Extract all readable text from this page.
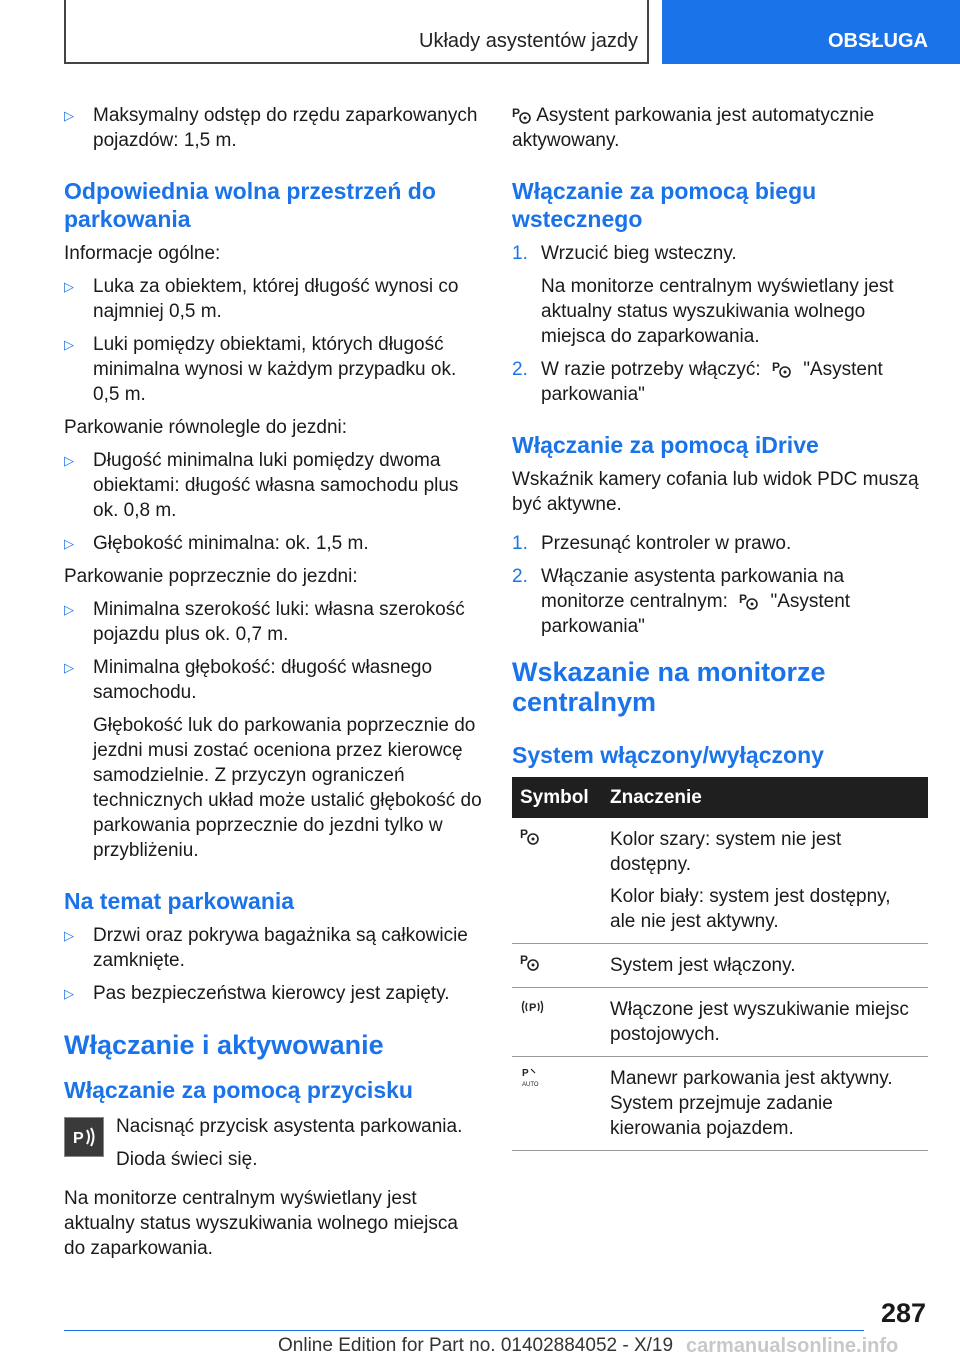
Układy asystentów jazdy	OBSŁUGA
▷ Maksymalny odstęp do rzędu zaparkowanych pojazdów: 1,5 m.
Odpowiednia wolna przestrzeń do parkowania

Informacje ogólne:

▷ Luka za obiektem, której długość wynosi co najmniej 0,5 m.
▷ Luki pomiędzy obiektami, których długość minimalna wynosi w każdym przypadku ok. 0,5 m.

Parkowanie równolegle do jezdni:

▷ Długość minimalna luki pomiędzy dwoma obiektami: długość własna samochodu plus ok. 0,8 m.
▷ Głębokość minimalna: ok. 1,5 m.

Parkowanie poprzecznie do jezdni:

▷ Minimalna szerokość luki: własna szerokość pojazdu plus ok. 0,7 m.
▷ Minimalna głębokość: długość własnego samochodu.

Głębokość luk do parkowania poprzecznie do jezdni musi zostać oceniona przez kierowcę samodzielnie. Z przyczyn ograniczeń technicznych układ może ustalić głębokość do parkowania poprzecznie do jezdni tylko w przybliżeniu.

Na temat parkowania
▷ Drzwi oraz pokrywa bagażnika są całkowicie zamknięte.
▷ Pas bezpieczeństwa kierowcy jest zapięty.
Włączanie i aktywowanie
Włączanie za pomocą przycisku
P

Nacisnąć przycisk asystenta parkowania.

Dioda świeci się.

Na monitorze centralnym wyświetlany jest aktualny status wyszukiwania wolnego miejsca do zaparkowania.

P Asystent parkowania jest automatycznie aktywowany.

Włączanie za pomocą biegu wstecznego
1. Wrzucić bieg wsteczny.

Na monitorze centralnym wyświetlany jest aktualny status wyszukiwania wolnego miejsca do zaparkowania.

2. W razie potrzeby włączyć: P "Asystent parkowania"
Włączanie za pomocą iDrive

Wskaźnik kamery cofania lub widok PDC muszą być aktywne.

1. Przesunąć kontroler w prawo.
2. Włączanie asystenta parkowania na monitorze centralnym: P "Asystent parkowania"
Wskazanie na monitorze centralnym
System włączony/wyłączony
Symbol	Znaczenie

P	Kolor szary: system nie jest dostępny.

Kolor biały: system jest dostępny, ale nie jest aktywny.

P	System jest włączony.

P	Włączone jest wyszukiwanie miejsc postojowych.

P
AUTO	Manewr parkowania jest aktywny. System przejmuje zadanie kierowania pojazdem.

287
Online Edition for Part no. 01402884052 - X/19 carmanualsonline.info
